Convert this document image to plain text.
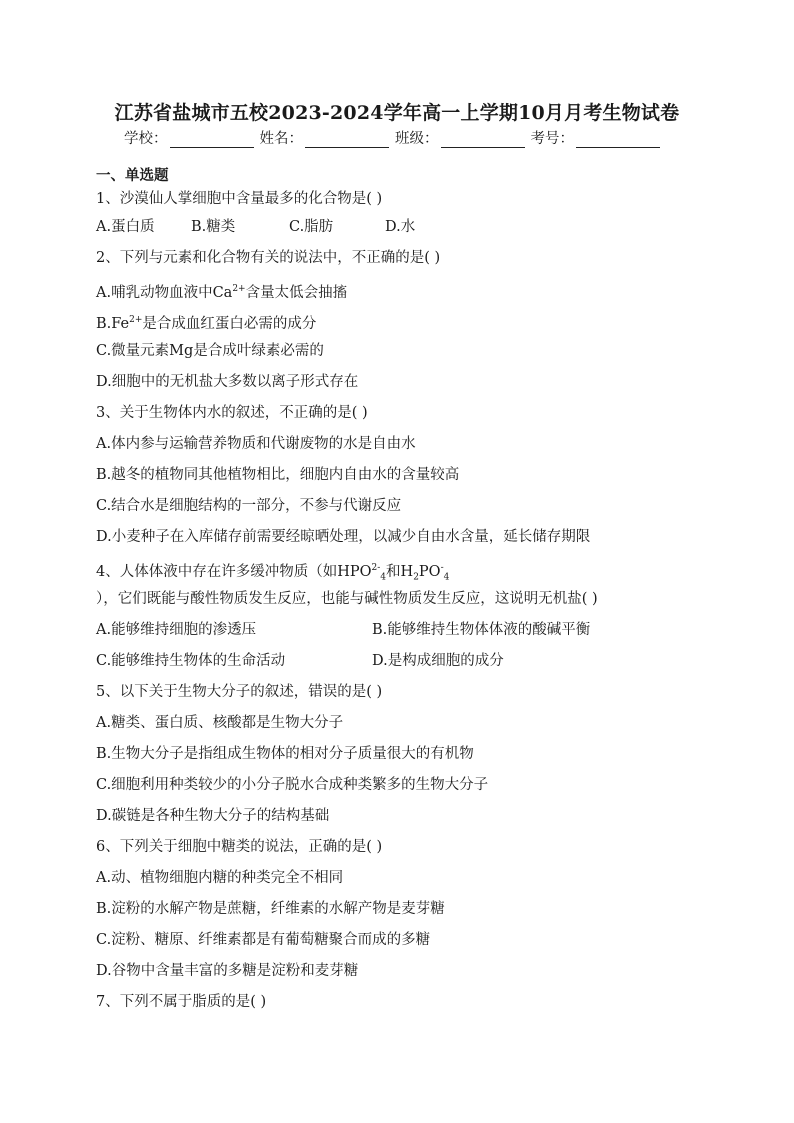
江苏省盐城市五校2023-2024学年高一上学期10月月考生物试卷
学校：	姓名：	班级：	考号：
一、单选题
1、沙漠仙人掌细胞中含量最多的化合物是( )
A.蛋白质	B.糖类	C.脂肪	D.水
2、下列与元素和化合物有关的说法中，不正确的是( )
A.哺乳动物血液中$Ca^{2+}$含量太低会抽搐
$B.Fe^{2+}$是合成血红蛋白必需的成分
C.微量元素Mg是合成叶绿素必需的
D.细胞中的无机盐大多数以离子形式存在
3、关于生物体内水的叙述，不正确的是( )
A.体内参与运输营养物质和代谢废物的水是自由水
B.越冬的植物同其他植物相比，细胞内自由水的含量较高
C.结合水是细胞结构的一部分，不参与代谢反应
D.小麦种子在入库储存前需要经晾晒处理，以减少自由水含量，延长储存期限
4、人体体液中存在许多缓冲物质（如$HPO^{2-}_4$和$H_2PO^-_4$
），它们既能与酸性物质发生反应，也能与碱性物质发生反应，这说明无机盐( )
A.能够维持细胞的渗透压	B.能够维持生物体体液的酸碱平衡
C.能够维持生物体的生命活动	D.是构成细胞的成分
5、以下关于生物大分子的叙述，错误的是( )
A.糖类、蛋白质、核酸都是生物大分子
B.生物大分子是指组成生物体的相对分子质量很大的有机物
C.细胞利用种类较少的小分子脱水合成种类繁多的生物大分子
D.碳链是各种生物大分子的结构基础
6、下列关于细胞中糖类的说法，正确的是( )
A.动、植物细胞内糖的种类完全不相同
B.淀粉的水解产物是蔗糖，纤维素的水解产物是麦芽糖
C.淀粉、糖原、纤维素都是有葡萄糖聚合而成的多糖
D.谷物中含量丰富的多糖是淀粉和麦芽糖
7、下列不属于脂质的是( )
